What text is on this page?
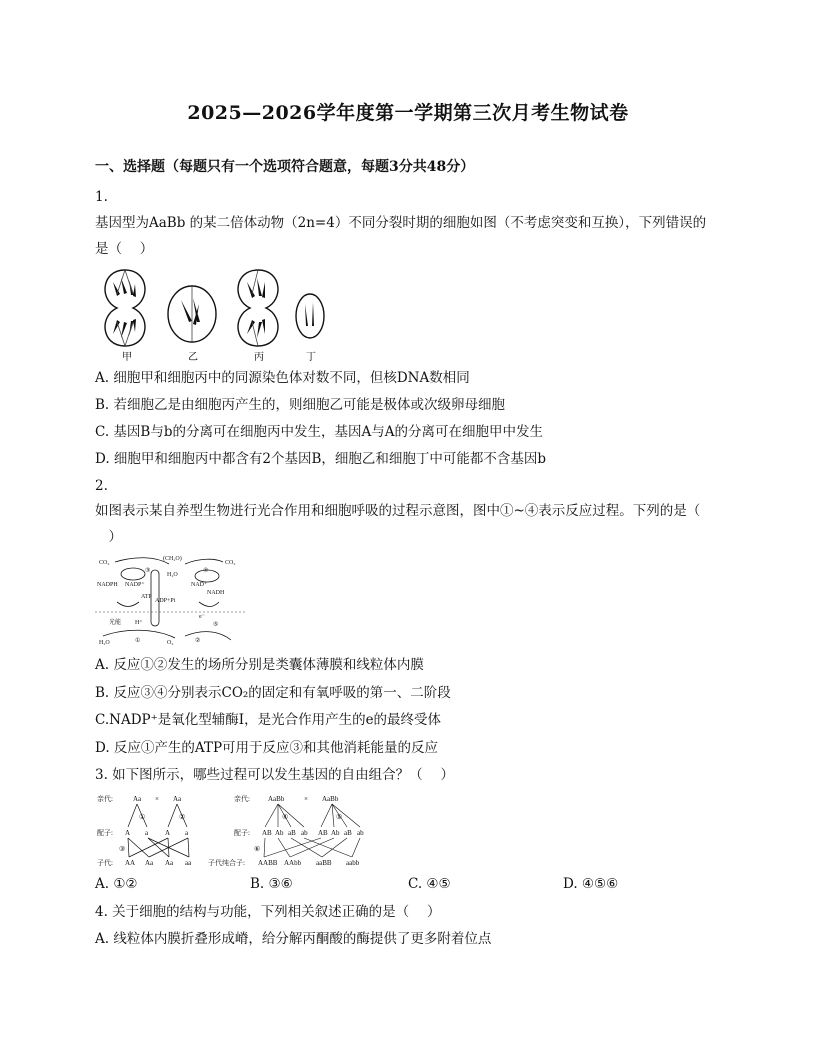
2025—2026学年度第一学期第三次月考生物试卷
一、选择题（每题只有一个选项符合题意，每题3分共48分）
1.
基因型为AaBb 的某二倍体动物（2n=4）不同分裂时期的细胞如图（不考虑突变和互换），下列错误的
是（　 ）
甲	乙	丙	丁
A. 细胞甲和细胞丙中的同源染色体对数不同，但核DNA数相同
B. 若细胞乙是由细胞丙产生的，则细胞乙可能是极体或次级卵母细胞
C. 基因B与b的分离可在细胞丙中发生，基因A与A的分离可在细胞甲中发生
D. 细胞甲和细胞丙中都含有2个基因B，细胞乙和细胞丁中可能都不含基因b
2.
如图表示某自养型生物进行光合作用和细胞呼吸的过程示意图，图中①~④表示反应过程。下列的是（
　）
CO₂
(CH₂O)
H₂O
NADPH NADP⁺	NAD⁺
NADH
ATP
ADP+Pi
光能 H⁺
e⁻
H₂O	O₂
①	②
③	④
⑤
CO₂
A. 反应①②发生的场所分别是类囊体薄膜和线粒体内膜
B. 反应③④分别表示CO₂的固定和有氧呼吸的第一、二阶段
C.NADP⁺是氧化型辅酶I，是光合作用产生的e的最终受体
D. 反应①产生的ATP可用于反应③和其他消耗能量的反应
3. 如下图所示，哪些过程可以发生基因的自由组合？（　 ）
亲代:	Aa × Aa
配子: A a A a
子代: AA Aa Aa aa
①	②
③
亲代:	AaBb	× AaBb
配子: AB Ab aB ab AB Ab aB ab
子代纯合子: AABB AAbb aaBB aabb
④	⑤
⑥
A. ①②	B. ③⑥	C. ④⑤	D. ④⑤⑥
4. 关于细胞的结构与功能，下列相关叙述正确的是（　 ）
A. 线粒体内膜折叠形成嵴，给分解丙酮酸的酶提供了更多附着位点
